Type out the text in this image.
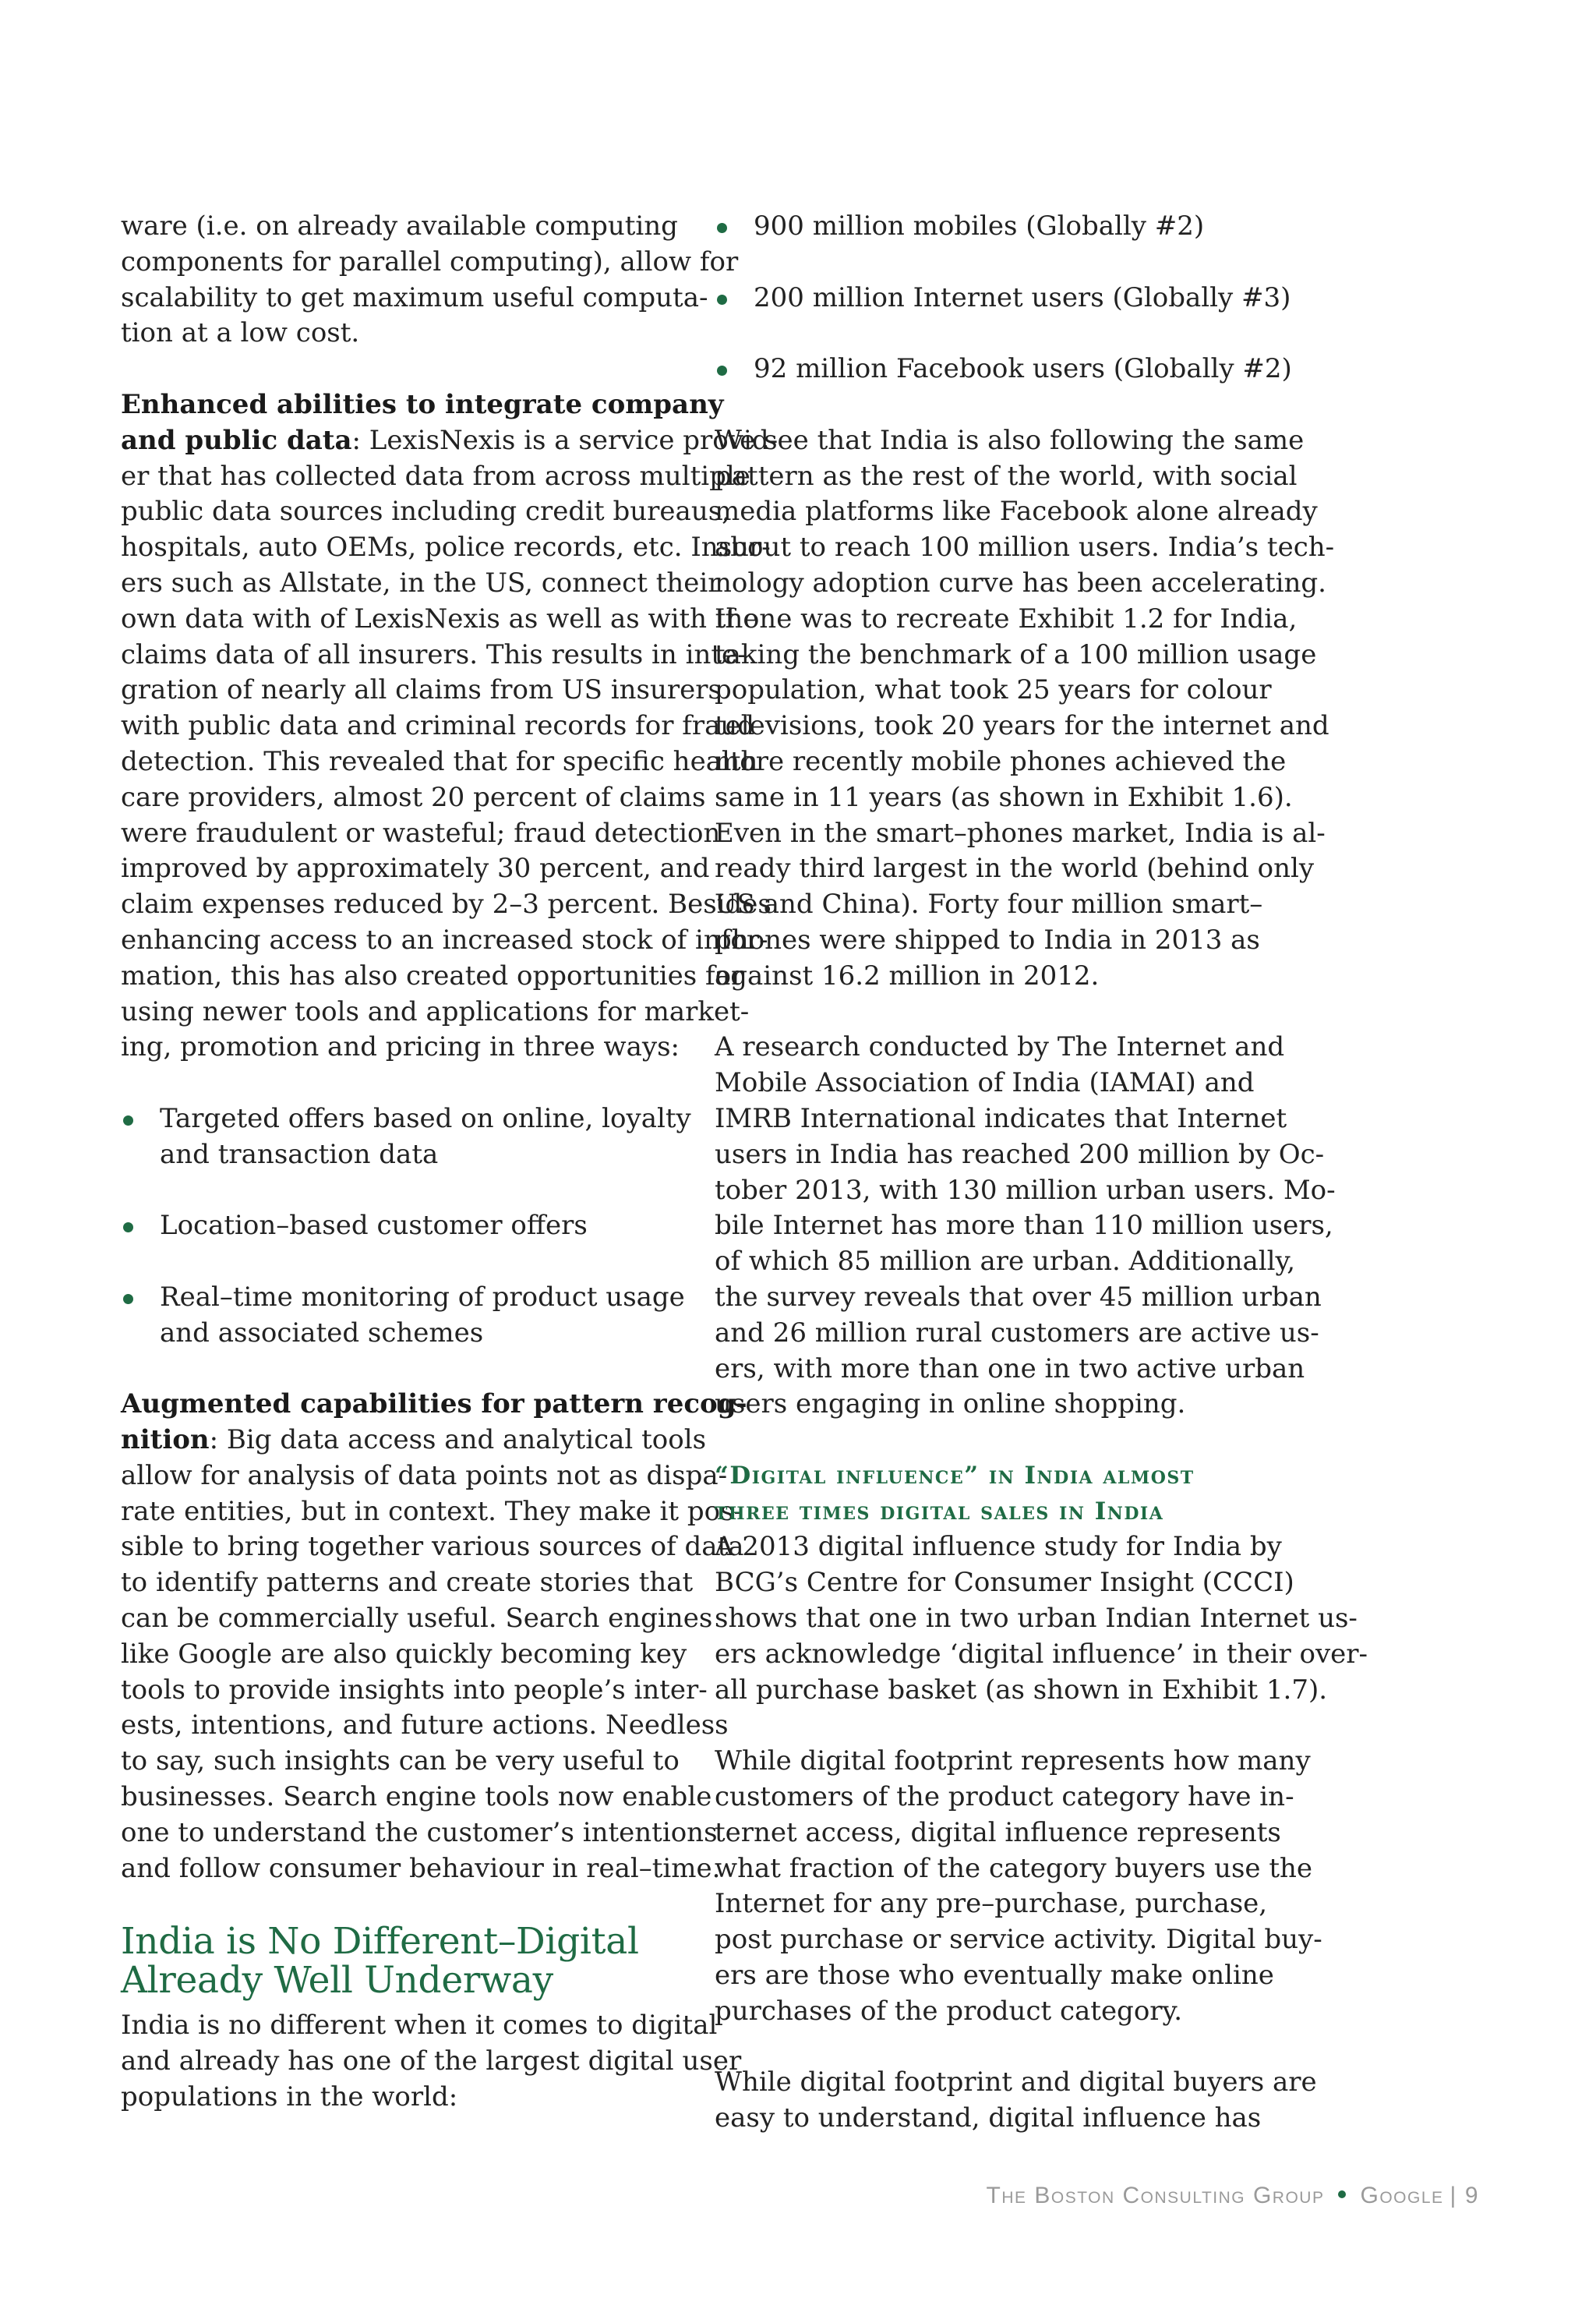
ware (i.e. on already available computing
components for parallel computing), allow for
scalability to get maximum useful computa-
tion at a low cost.

Enhanced abilities to integrate company
and public data: LexisNexis is a service provid-
er that has collected data from across multiple
public data sources including credit bureaus,
hospitals, auto OEMs, police records, etc. Insur-
ers such as Allstate, in the US, connect their
own data with of LexisNexis as well as with the
claims data of all insurers. This results in inte-
gration of nearly all claims from US insurers
with public data and criminal records for fraud
detection. This revealed that for specific health
care providers, almost 20 percent of claims
were fraudulent or wasteful; fraud detection
improved by approximately 30 percent, and
claim expenses reduced by 2–3 percent. Besides
enhancing access to an increased stock of infor-
mation, this has also created opportunities for
using newer tools and applications for market-
ing, promotion and pricing in three ways:

Targeted offers based on online, loyalty
and transaction data
Location–based customer offers
Real–time monitoring of product usage
and associated schemes

Augmented capabilities for pattern recog-
nition: Big data access and analytical tools
allow for analysis of data points not as dispa-
rate entities, but in context. They make it pos-
sible to bring together various sources of data
to identify patterns and create stories that
can be commercially useful. Search engines
like Google are also quickly becoming key
tools to provide insights into people’s inter-
ests, intentions, and future actions. Needless
to say, such insights can be very useful to
businesses. Search engine tools now enable
one to understand the customer’s intentions
and follow consumer behaviour in real–time.

India is No Different–Digital
Already Well Underway

India is no different when it comes to digital
and already has one of the largest digital user
populations in the world:

900 million mobiles (Globally #2)
200 million Internet users (Globally #3)
92 million Facebook users (Globally #2)

We see that India is also following the same
pattern as the rest of the world, with social
media platforms like Facebook alone already
about to reach 100 million users. India’s tech-
nology adoption curve has been accelerating.
If one was to recreate Exhibit 1.2 for India,
taking the benchmark of a 100 million usage
population, what took 25 years for colour
televisions, took 20 years for the internet and
more recently mobile phones achieved the
same in 11 years (as shown in Exhibit 1.6).
Even in the smart–phones market, India is al-
ready third largest in the world (behind only
US and China). Forty four million smart–
phones were shipped to India in 2013 as
against 16.2 million in 2012.

A research conducted by The Internet and
Mobile Association of India (IAMAI) and
IMRB International indicates that Internet
users in India has reached 200 million by Oc-
tober 2013, with 130 million urban users. Mo-
bile Internet has more than 110 million users,
of which 85 million are urban. Additionally,
the survey reveals that over 45 million urban
and 26 million rural customers are active us-
ers, with more than one in two active urban
users engaging in online shopping.

“Digital influence” in India almost
three times digital sales in India

A 2013 digital influence study for India by
BCG’s Centre for Consumer Insight (CCCI)
shows that one in two urban Indian Internet us-
ers acknowledge ‘digital influence’ in their over-
all purchase basket (as shown in Exhibit 1.7).

While digital footprint represents how many
customers of the product category have in-
ternet access, digital influence represents
what fraction of the category buyers use the
Internet for any pre–purchase, purchase,
post purchase or service activity. Digital buy-
ers are those who eventually make online
purchases of the product category.

While digital footprint and digital buyers are
easy to understand, digital influence has

The Boston Consulting Group Google | 9
